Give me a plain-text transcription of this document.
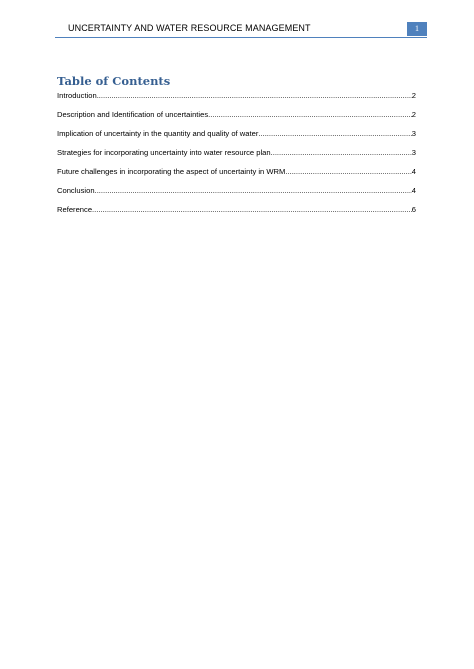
UNCERTAINTY AND WATER RESOURCE MANAGEMENT	1
Table of Contents
Introduction .....	2
Description and Identification of uncertainties .....	2
Implication of uncertainty in the quantity and quality of water .....	3
Strategies for incorporating uncertainty into water resource plan .....	3
Future challenges in incorporating the aspect of uncertainty in WRM .....	4
Conclusion .....	4
Reference .....	6
